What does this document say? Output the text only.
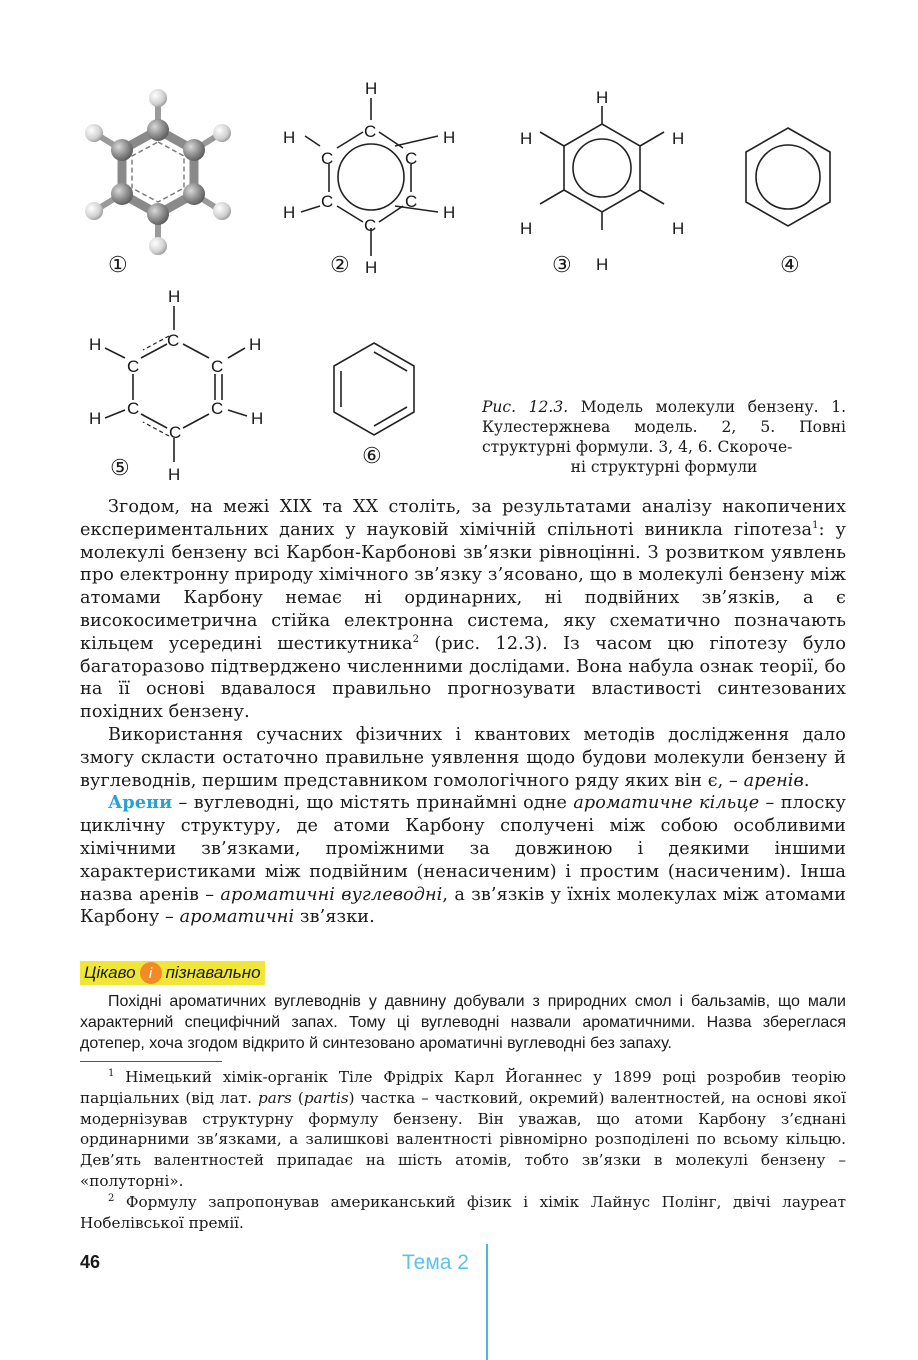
①
H
C
C
C
C
C
C
H
H
H
H
H
②
H
H
H
H
H
H
③	④
H
C
C
C
C
C
C
H
H
H
H
H
⑤	⑥
Рис. 12.3. Модель молекули бензену. 1. Кулестержнева модель. 2, 5. Повні структурні формули. 3, 4, 6. Скороче-
ні структурні формули

Згодом, на межі XIX та XX століть, за результатами аналізу накопичених експериментальних даних у науковій хімічній спільноті виникла гіпотеза$^1$: у молекулі бензену всі Карбон-Карбонові зв’язки рівноцінні. З розвитком уявлень про електронну природу хімічного зв’язку з’ясовано, що в молекулі бензену між атомами Карбону немає ні ординарних, ні подвійних зв’язків, а є високосиметрична стійка електронна система, яку схематично позначають кільцем усередині шестикутника$^2$ (рис. 12.3). Із часом цю гіпотезу було багаторазово підтверджено численними дослідами. Вона набула ознак теорії, бо на її основі вдавалося правильно прогнозувати властивості синтезованих похідних бензену.

Використання сучасних фізичних і квантових методів дослідження дало змогу скласти остаточно правильне уявлення щодо будови молекули бензену й вуглеводнів, першим представником гомологічного ряду яких він є, – аренів.

Арени – вуглеводні, що містять принаймні одне ароматичне кільце – плоску циклічну структуру, де атоми Карбону сполучені між собою особливими хімічними зв’язками, проміжними за довжиною і деякими іншими характеристиками між подвійним (ненасиченим) і простим (насиченим). Інша назва аренів – ароматичні вуглеводні, а зв’язків у їхніх молекулах між атомами Карбону – ароматичні зв’язки.

Цікаво і пізнавально
Похідні ароматичних вуглеводнів у давнину добували з природних смол і бальзамів, що мали характерний специфічний запах. Тому ці вуглеводні назвали ароматичними. Назва збереглася дотепер, хоча згодом відкрито й синтезовано ароматичні вуглеводні без запаху.

$^1$ Німецький хімік-органік Тіле Фрідріх Карл Йоганнес у 1899 році розробив теорію парціальних (від лат. pars (partis) частка – частковий, окремий) валентностей, на основі якої модернізував структурну формулу бензену. Він уважав, що атоми Карбону з’єднані ординарними зв’язками, а залишкові валентності рівномірно розподілені по всьому кільцю. Дев’ять валентностей припадає на шість атомів, тобто зв’язки в молекулі бензену – «полуторні».

$^2$ Формулу запропонував американський фізик і хімік Лайнус Полінг, двічі лауреат Нобелівської премії.

46	Тема 2
